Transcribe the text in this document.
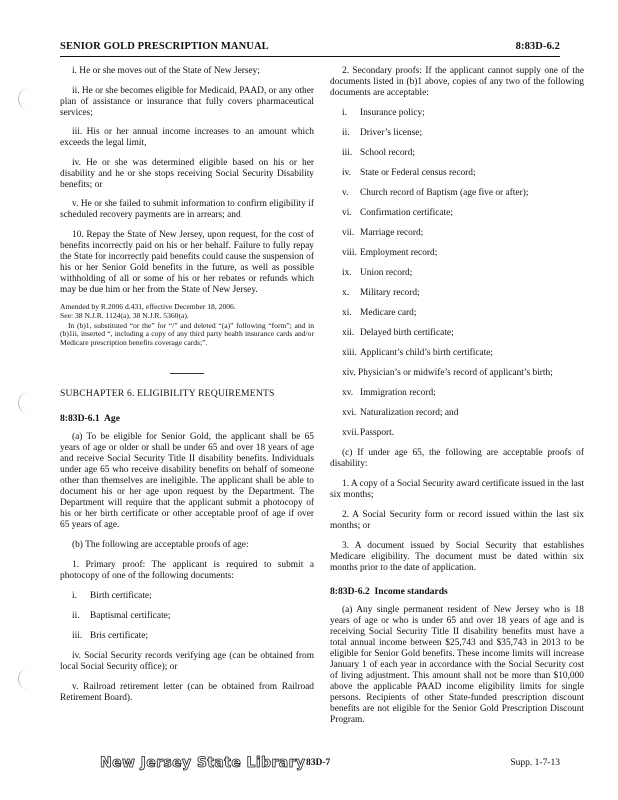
SENIOR GOLD PRESCRIPTION MANUAL	8:83D-6.2

i. He or she moves out of the State of New Jersey;

ii. He or she becomes eligible for Medicaid, PAAD, or any other plan of assistance or insurance that fully covers pharmaceutical services;

iii. His or her annual income increases to an amount which exceeds the legal limit,

iv. He or she was determined eligible based on his or her disability and he or she stops receiving Social Security Disability benefits; or

v. He or she failed to submit information to confirm eligibility if scheduled recovery payments are in arrears; and

10. Repay the State of New Jersey, upon request, for the cost of benefits incorrectly paid on his or her behalf. Failure to fully repay the State for incorrectly paid benefits could cause the suspension of his or her Senior Gold benefits in the future, as well as possible withholding of all or some of his or her rebates or refunds which may be due him or her from the State of New Jersey.

Amended by R.2006 d.431, effective December 18, 2006.

See: 38 N.J.R. 1124(a), 38 N.J.R. 5360(a).

In (b)1, substituted “or the” for “/” and deleted “(a)” following “form”; and in (b)1ii, inserted “, including a copy of any third party health insurance cards and/or Medicare prescription benefits coverage cards;”.

SUBCHAPTER 6. ELIGIBILITY REQUIREMENTS

8:83D-6.1 Age

(a) To be eligible for Senior Gold, the applicant shall be 65 years of age or older or shall be under 65 and over 18 years of age and receive Social Security Title II disability benefits. Individuals under age 65 who receive disability benefits on behalf of someone other than themselves are ineligible. The applicant shall be able to document his or her age upon request by the Department. The Department will require that the applicant submit a photocopy of his or her birth certificate or other acceptable proof of age if over 65 years of age.

(b) The following are acceptable proofs of age:

1. Primary proof: The applicant is required to submit a photocopy of one of the following documents:

i.	Birth certificate;
ii.	Baptismal certificate;
iii. Bris certificate;

iv. Social Security records verifying age (can be obtained from local Social Security office); or

v. Railroad retirement letter (can be obtained from Railroad Retirement Board).

2. Secondary proofs: If the applicant cannot supply one of the documents listed in (b)1 above, copies of any two of the following documents are acceptable:

i.	Insurance policy;
ii.	Driver’s license;
iii. School record;
iv. State or Federal census record;
v.	Church record of Baptism (age five or after);
vi. Confirmation certificate;
vii. Marriage record;
viii. Employment record;
ix. Union record;
x.	Military record;
xi. Medicare card;
xii. Delayed birth certificate;
xiii. Applicant’s child’s birth certificate;

xiv. Physician’s or midwife’s record of applicant’s birth;

xv. Immigration record;
xvi. Naturalization record; and
xvii. Passport.

(c) If under age 65, the following are acceptable proofs of disability:

1. A copy of a Social Security award certificate issued in the last six months;

2. A Social Security form or record issued within the last six months; or

3. A document issued by Social Security that establishes Medicare eligibility. The document must be dated within six months prior to the date of application.

8:83D-6.2 Income standards

(a) Any single permanent resident of New Jersey who is 18 years of age or who is under 65 and over 18 years of age and is receiving Social Security Title II disability benefits must have a total annual income between $25,743 and $35,743 in 2013 to be eligible for Senior Gold benefits. These income limits will increase January 1 of each year in accordance with the Social Security cost of living adjustment. This amount shall not be more than $10,000 above the applicable PAAD income eligibility limits for single persons. Recipients of other State-funded prescription discount benefits are not eligible for the Senior Gold Prescription Discount Program.

New Jersey State Library 83D-7	Supp. 1-7-13
